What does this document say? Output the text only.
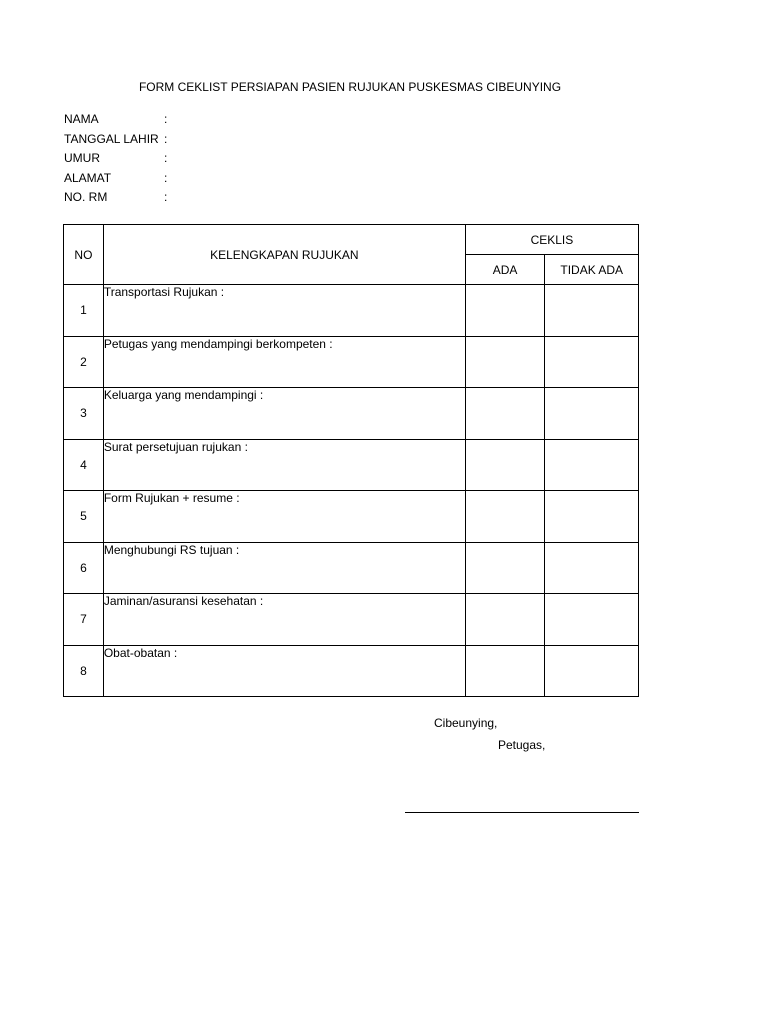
FORM CEKLIST PERSIAPAN PASIEN RUJUKAN PUSKESMAS CIBEUNYING
NAMA	:
TANGGAL LAHIR :
UMUR	:
ALAMAT	:
NO. RM	:
NO	KELENGKAPAN RUJUKAN	CEKLIS	
		ADA	TIDAK ADA
1	Transportasi Rujukan :		
2	Petugas yang mendampingi berkompeten :		
3	Keluarga yang mendampingi :		
4	Surat persetujuan rujukan :		
5	Form Rujukan + resume :		
6	Menghubungi RS tujuan :		
7	Jaminan/asuransi kesehatan :		
8	Obat-obatan :		
Cibeunying,
Petugas,
